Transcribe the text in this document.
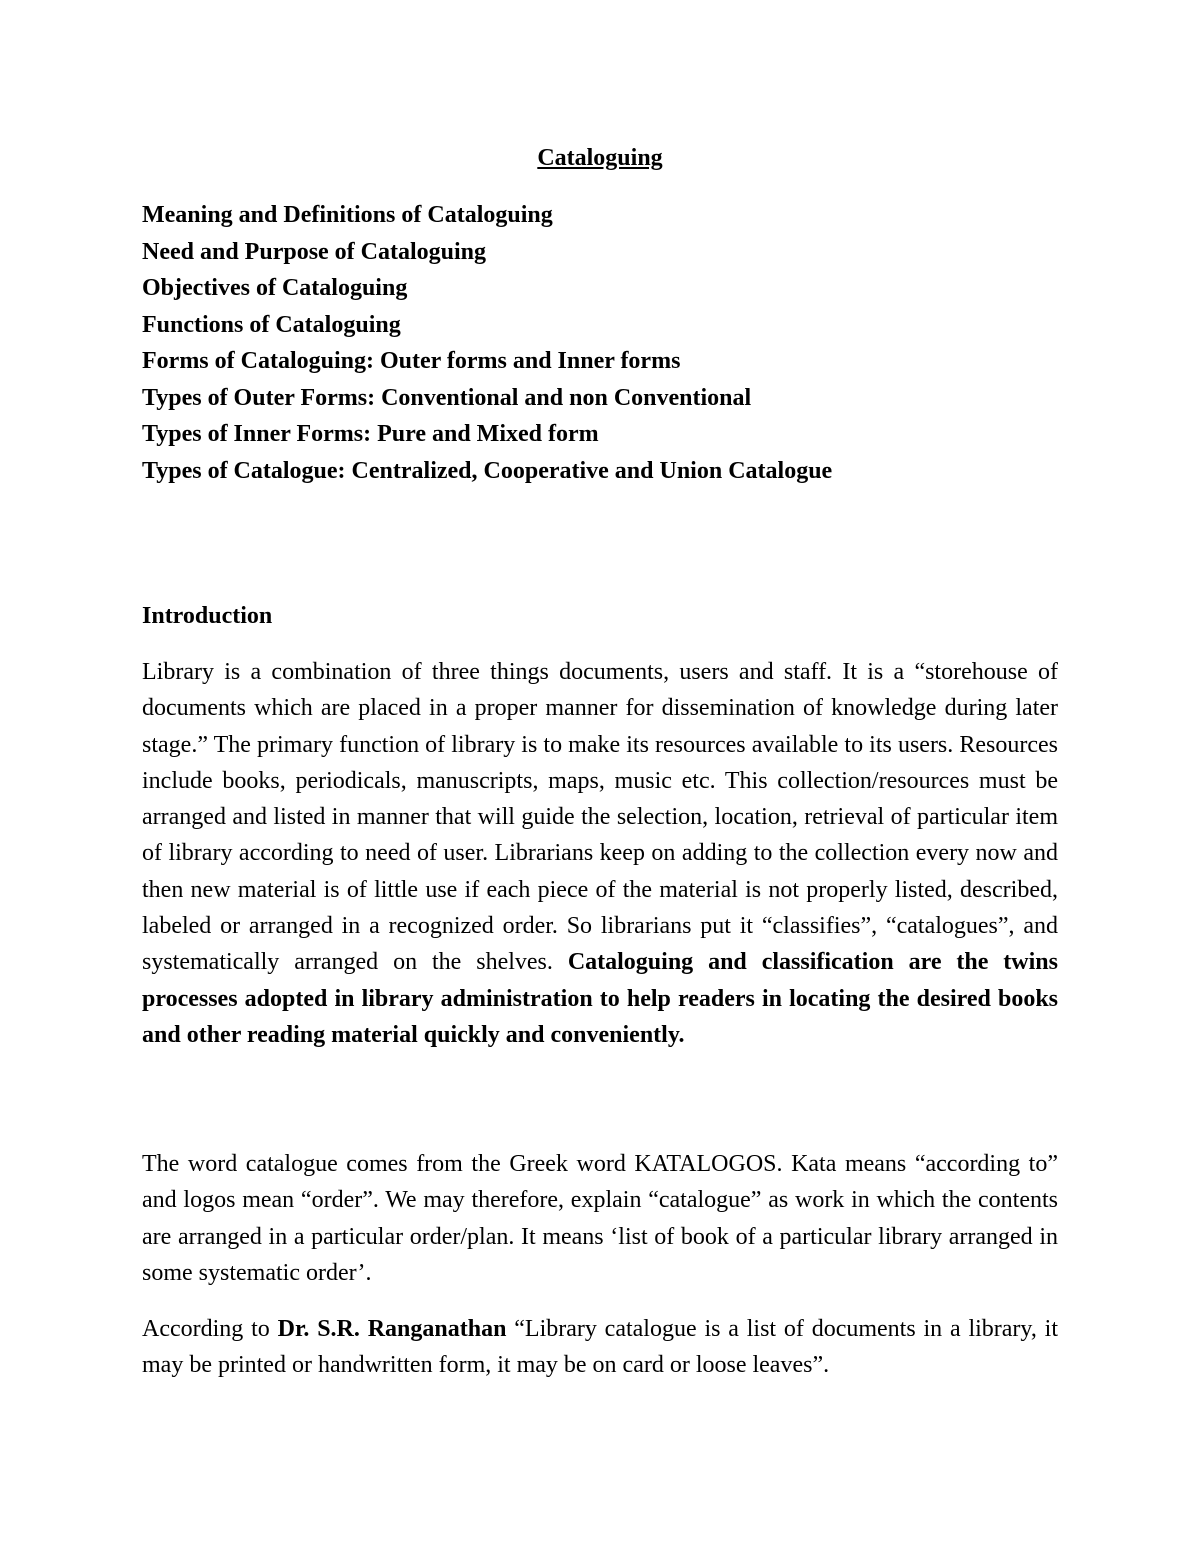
Cataloguing
Meaning and Definitions of Cataloguing
Need and Purpose of Cataloguing
Objectives of Cataloguing
Functions of Cataloguing
Forms of Cataloguing: Outer forms and Inner forms
Types of Outer Forms: Conventional and non Conventional
Types of Inner Forms: Pure and Mixed form
Types of Catalogue: Centralized, Cooperative and Union Catalogue
Introduction

Library is a combination of three things documents, users and staff. It is a “storehouse of documents which are placed in a proper manner for dissemination of knowledge during later stage.” The primary function of library is to make its resources available to its users. Resources include books, periodicals, manuscripts, maps, music etc. This collection/resources must be arranged and listed in manner that will guide the selection, location, retrieval of particular item of library according to need of user. Librarians keep on adding to the collection every now and then new material is of little use if each piece of the material is not properly listed, described, labeled or arranged in a recognized order. So librarians put it “classifies”, “catalogues”, and systematically arranged on the shelves. Cataloguing and classification are the twins processes adopted in library administration to help readers in locating the desired books and other reading material quickly and conveniently.

The word catalogue comes from the Greek word KATALOGOS. Kata means “according to” and logos mean “order”. We may therefore, explain “catalogue” as work in which the contents are arranged in a particular order/plan. It means ‘list of book of a particular library arranged in some systematic order’.

According to Dr. S.R. Ranganathan “Library catalogue is a list of documents in a library, it may be printed or handwritten form, it may be on card or loose leaves”.
